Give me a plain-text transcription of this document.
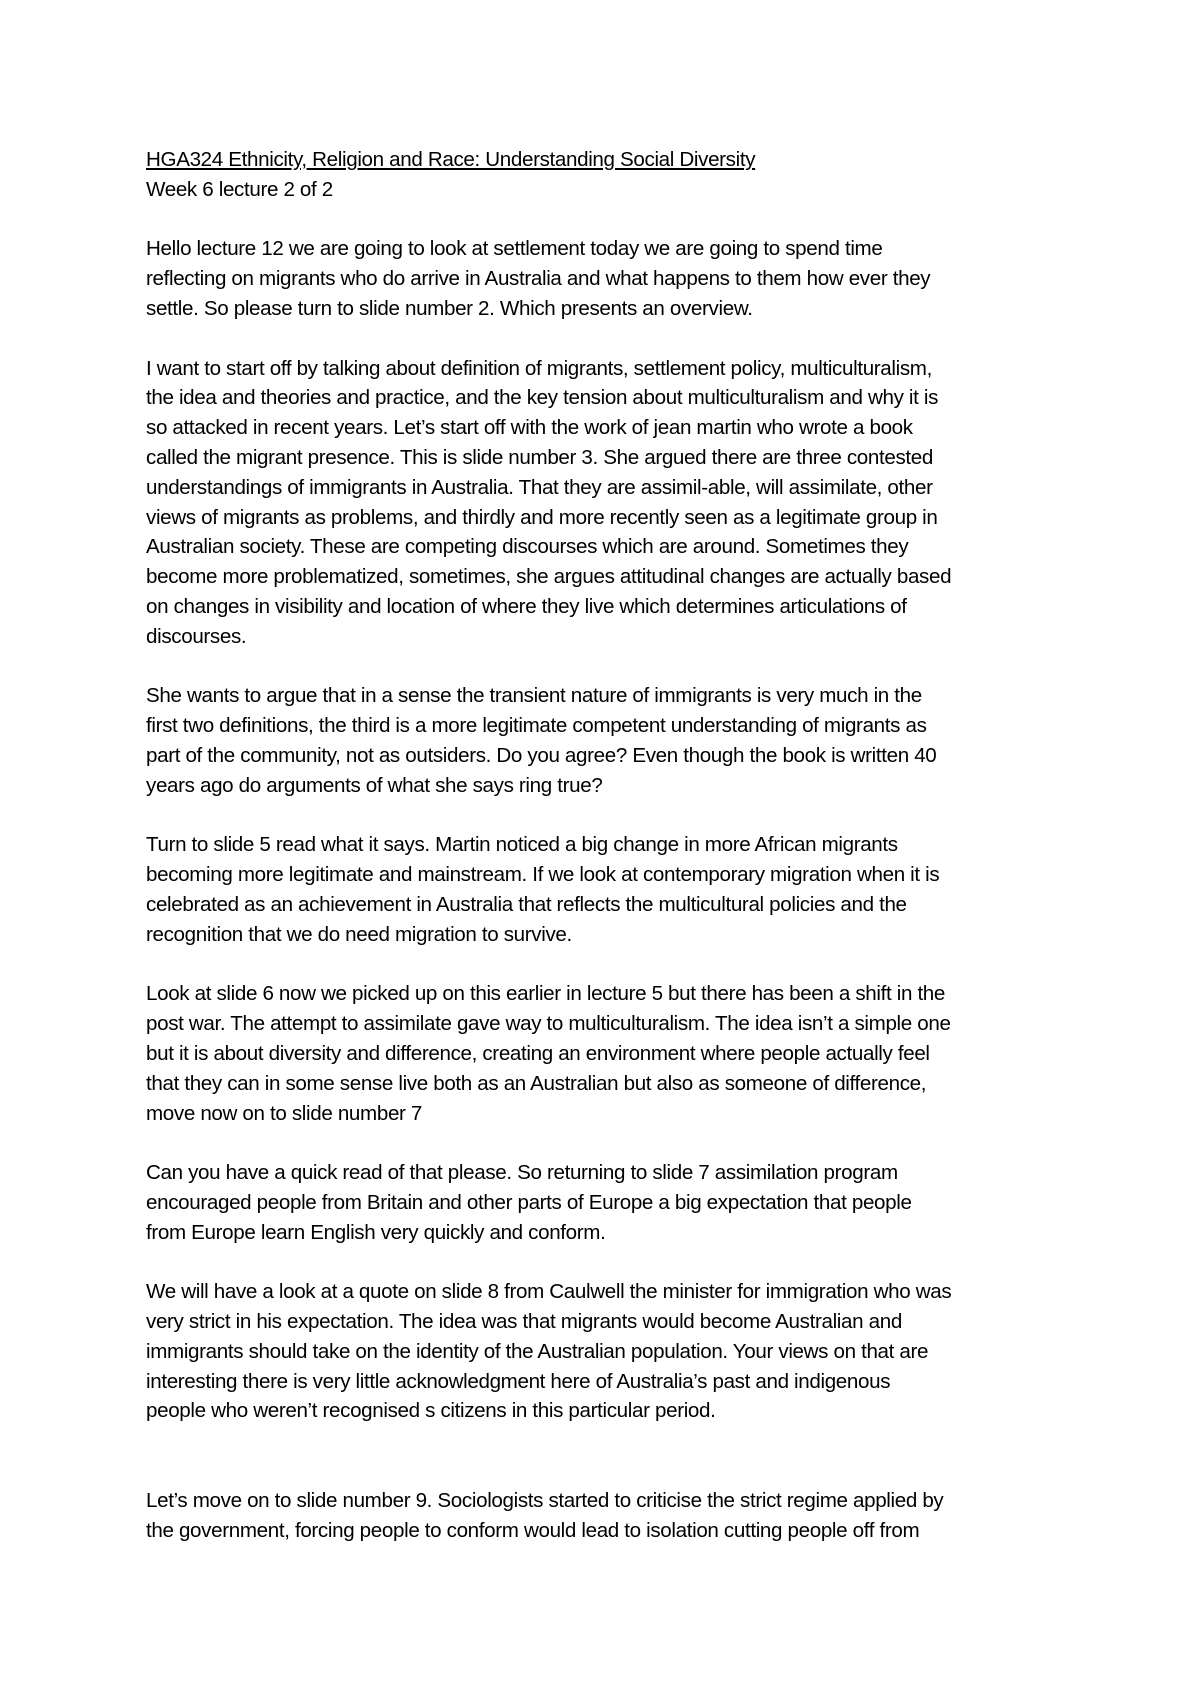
HGA324 Ethnicity, Religion and Race: Understanding Social Diversity

Week 6 lecture 2 of 2

Hello lecture 12 we are going to look at settlement today we are going to spend time
reflecting on migrants who do arrive in Australia and what happens to them how ever they
settle. So please turn to slide number 2. Which presents an overview.

I want to start off by talking about definition of migrants, settlement policy, multiculturalism,
the idea and theories and practice, and the key tension about multiculturalism and why it is
so attacked in recent years. Let’s start off with the work of jean martin who wrote a book
called the migrant presence. This is slide number 3. She argued there are three contested
understandings of immigrants in Australia. That they are assimil-able, will assimilate, other
views of migrants as problems, and thirdly and more recently seen as a legitimate group in
Australian society. These are competing discourses which are around. Sometimes they
become more problematized, sometimes, she argues attitudinal changes are actually based
on changes in visibility and location of where they live which determines articulations of
discourses.

She wants to argue that in a sense the transient nature of immigrants is very much in the
first two definitions, the third is a more legitimate competent understanding of migrants as
part of the community, not as outsiders. Do you agree? Even though the book is written 40
years ago do arguments of what she says ring true?

Turn to slide 5 read what it says. Martin noticed a big change in more African migrants
becoming more legitimate and mainstream. If we look at contemporary migration when it is
celebrated as an achievement in Australia that reflects the multicultural policies and the
recognition that we do need migration to survive.

Look at slide 6 now we picked up on this earlier in lecture 5 but there has been a shift in the
post war. The attempt to assimilate gave way to multiculturalism. The idea isn’t a simple one
but it is about diversity and difference, creating an environment where people actually feel
that they can in some sense live both as an Australian but also as someone of difference,
move now on to slide number 7

Can you have a quick read of that please. So returning to slide 7 assimilation program
encouraged people from Britain and other parts of Europe a big expectation that people
from Europe learn English very quickly and conform.

We will have a look at a quote on slide 8 from Caulwell the minister for immigration who was
very strict in his expectation. The idea was that migrants would become Australian and
immigrants should take on the identity of the Australian population. Your views on that are
interesting there is very little acknowledgment here of Australia’s past and indigenous
people who weren’t recognised s citizens in this particular period.

Let’s move on to slide number 9. Sociologists started to criticise the strict regime applied by
the government, forcing people to conform would lead to isolation cutting people off from
